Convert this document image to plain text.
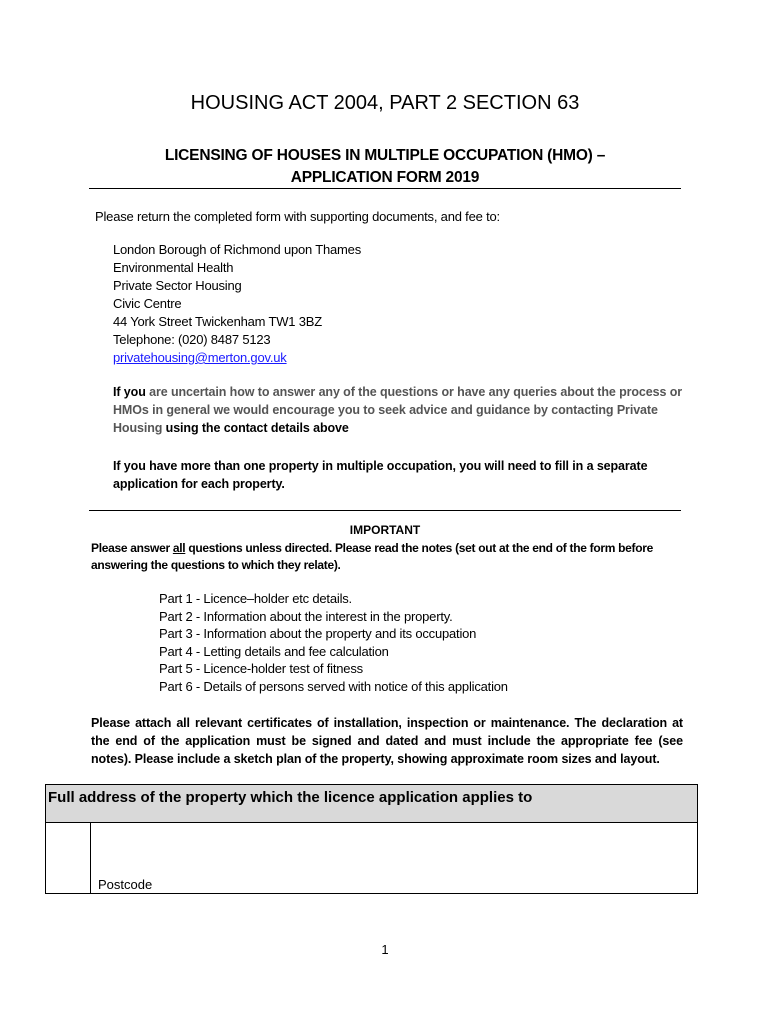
HOUSING ACT 2004, PART 2 SECTION 63
LICENSING OF HOUSES IN MULTIPLE OCCUPATION (HMO) –
APPLICATION FORM 2019
Please return the completed form with supporting documents, and fee to:
London Borough of Richmond upon Thames
Environmental Health
Private Sector Housing
Civic Centre
44 York Street Twickenham TW1 3BZ
Telephone: (020) 8487 5123
privatehousing@merton.gov.uk
If you are uncertain how to answer any of the questions or have any queries about the process or HMOs in general we would encourage you to seek advice and guidance by contacting Private Housing using the contact details above
If you have more than one property in multiple occupation, you will need to fill in a separate application for each property.
IMPORTANT
Please answer all questions unless directed. Please read the notes (set out at the end of the form before answering the questions to which they relate).
Part 1 - Licence–holder etc details.
Part 2 - Information about the interest in the property.
Part 3 - Information about the property and its occupation
Part 4 - Letting details and fee calculation
Part 5 - Licence-holder test of fitness
Part 6 - Details of persons served with notice of this application
Please attach all relevant certificates of installation, inspection or maintenance. The declaration at the end of the application must be signed and dated and must include the appropriate fee (see notes). Please include a sketch plan of the property, showing approximate room sizes and layout.
Full address of the property which the licence application applies to
Postcode
1
